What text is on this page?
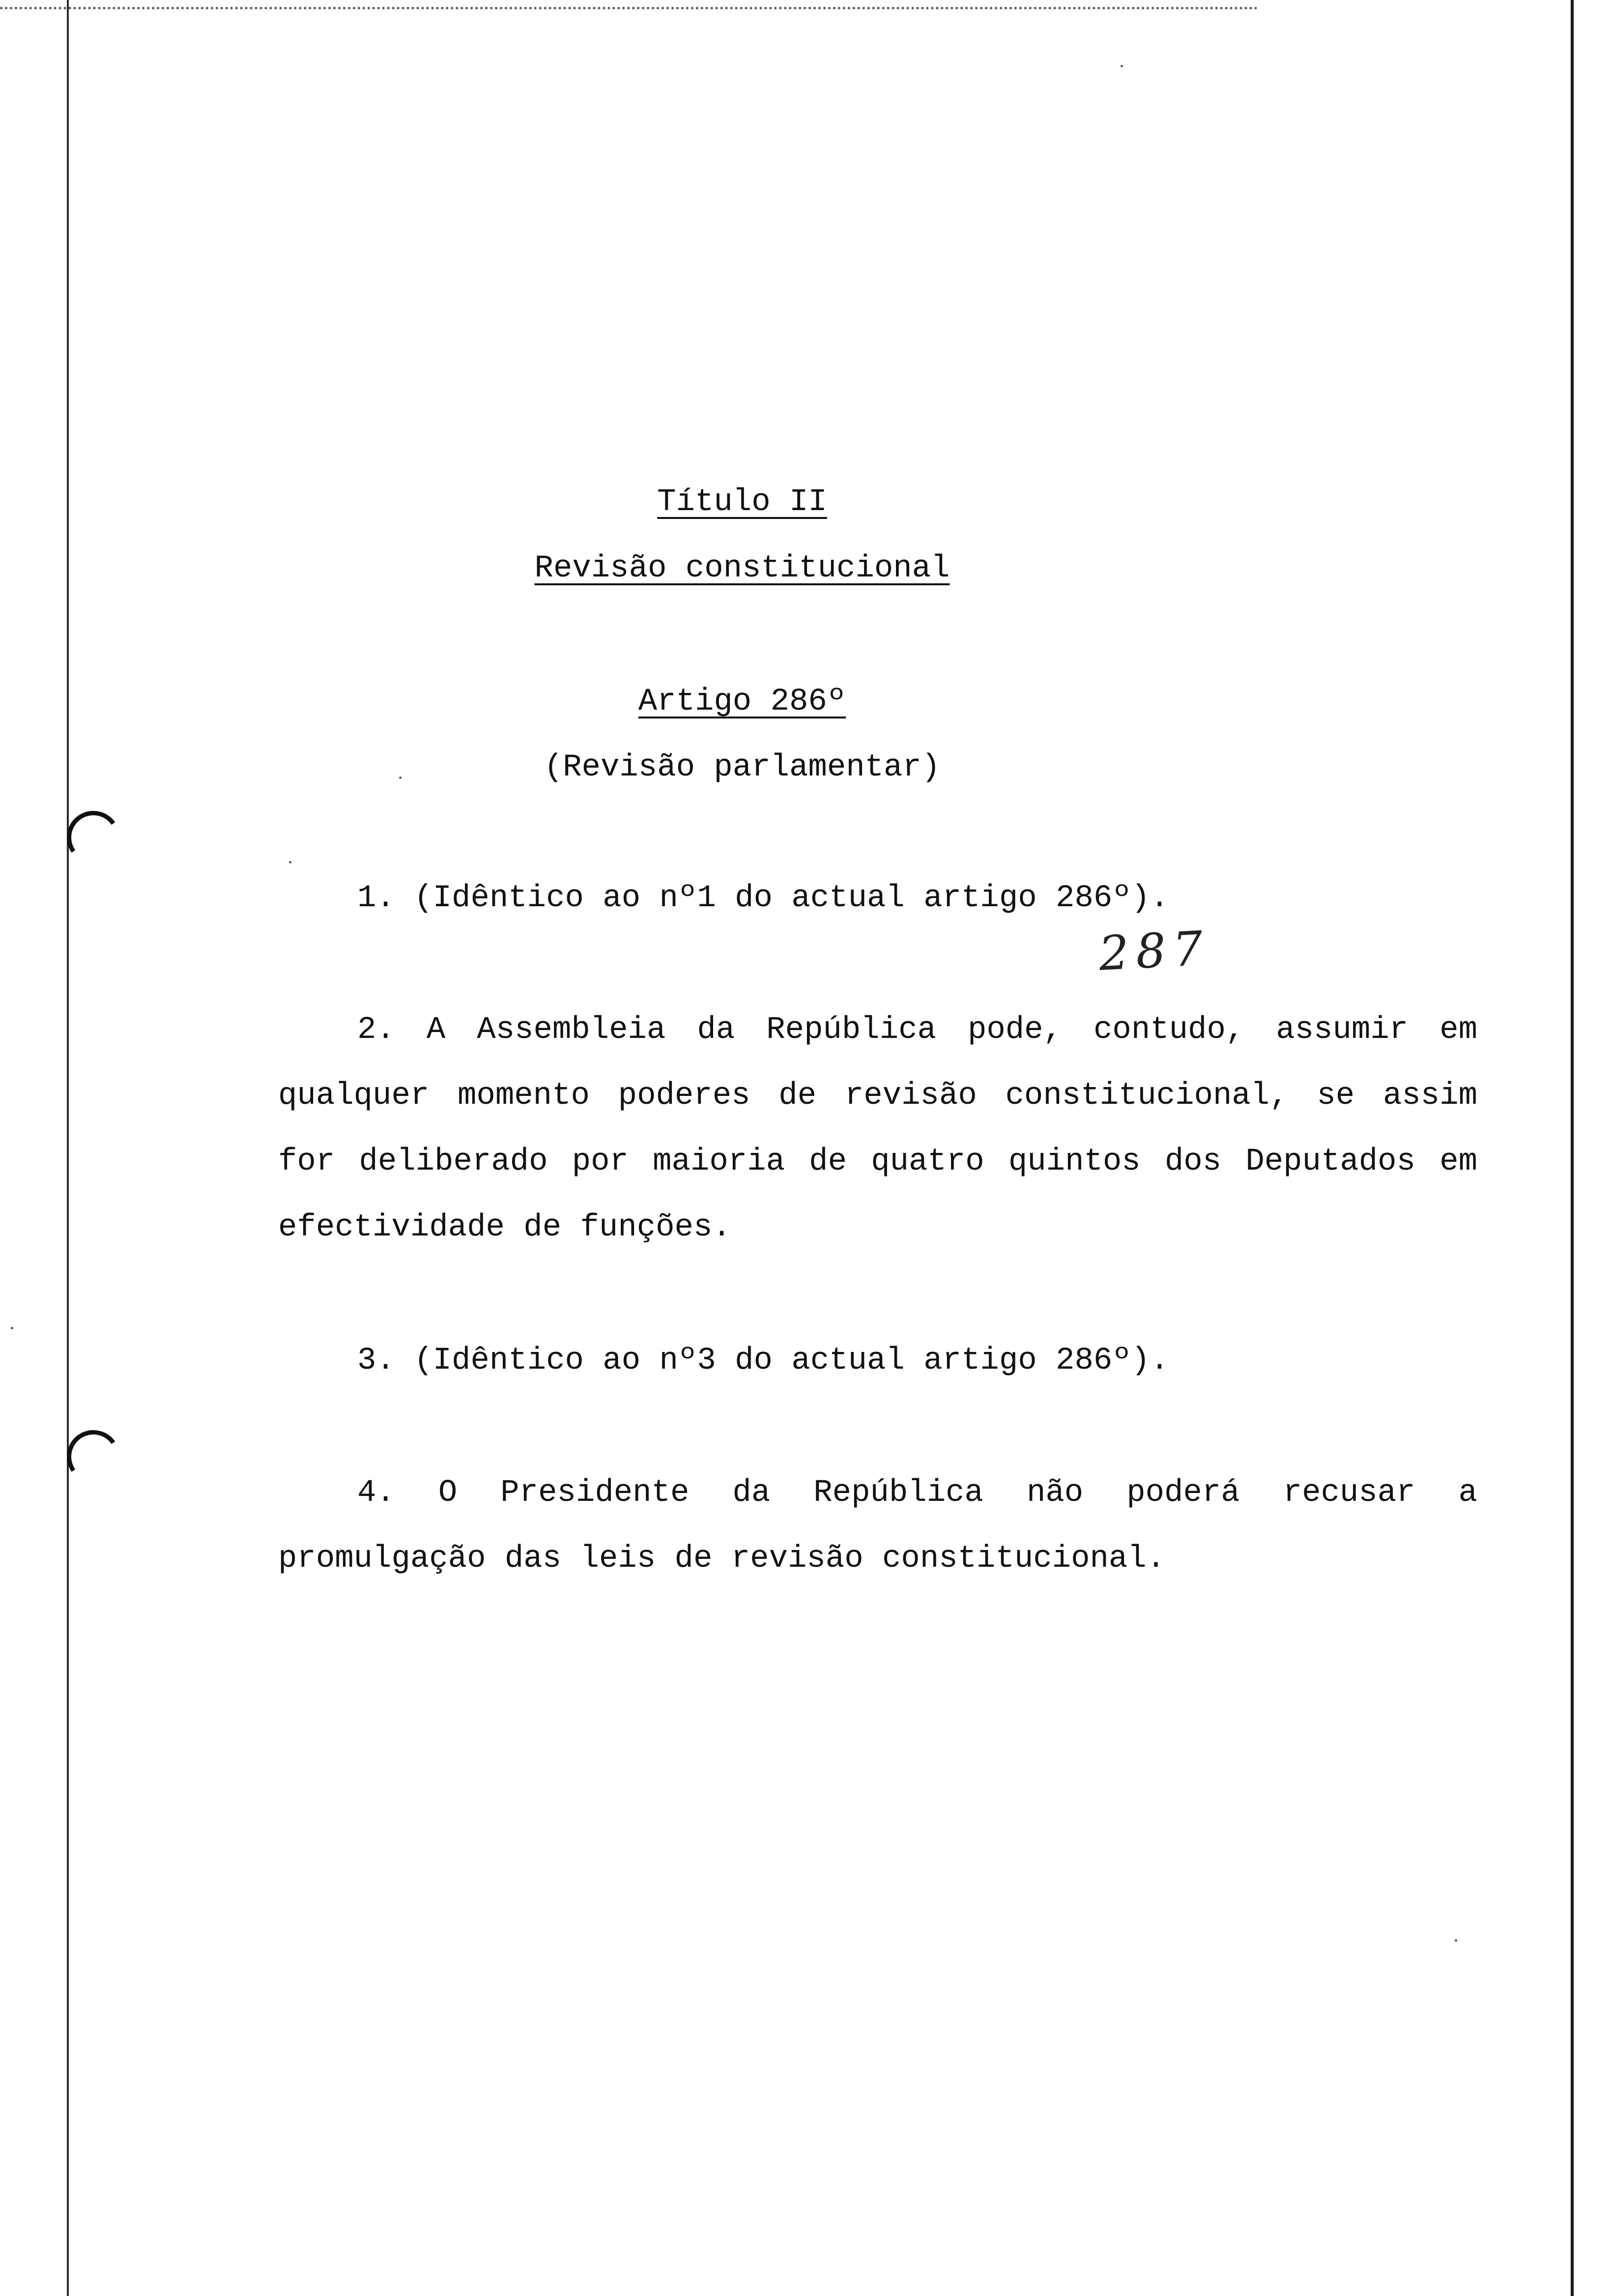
Título II
Revisão constitucional
Artigo 286º
(Revisão parlamentar)
1. (Idêntico ao nº1 do actual artigo 286º).
287
2. A Assembleia da República pode, contudo, assumir em qualquer momento poderes de revisão constitucional, se assim for deliberado por maioria de quatro quintos dos Deputados em efectividade de funções.
3. (Idêntico ao nº3 do actual artigo 286º).
4. O Presidente da República não poderá recusar a promulgação das leis de revisão constitucional.
